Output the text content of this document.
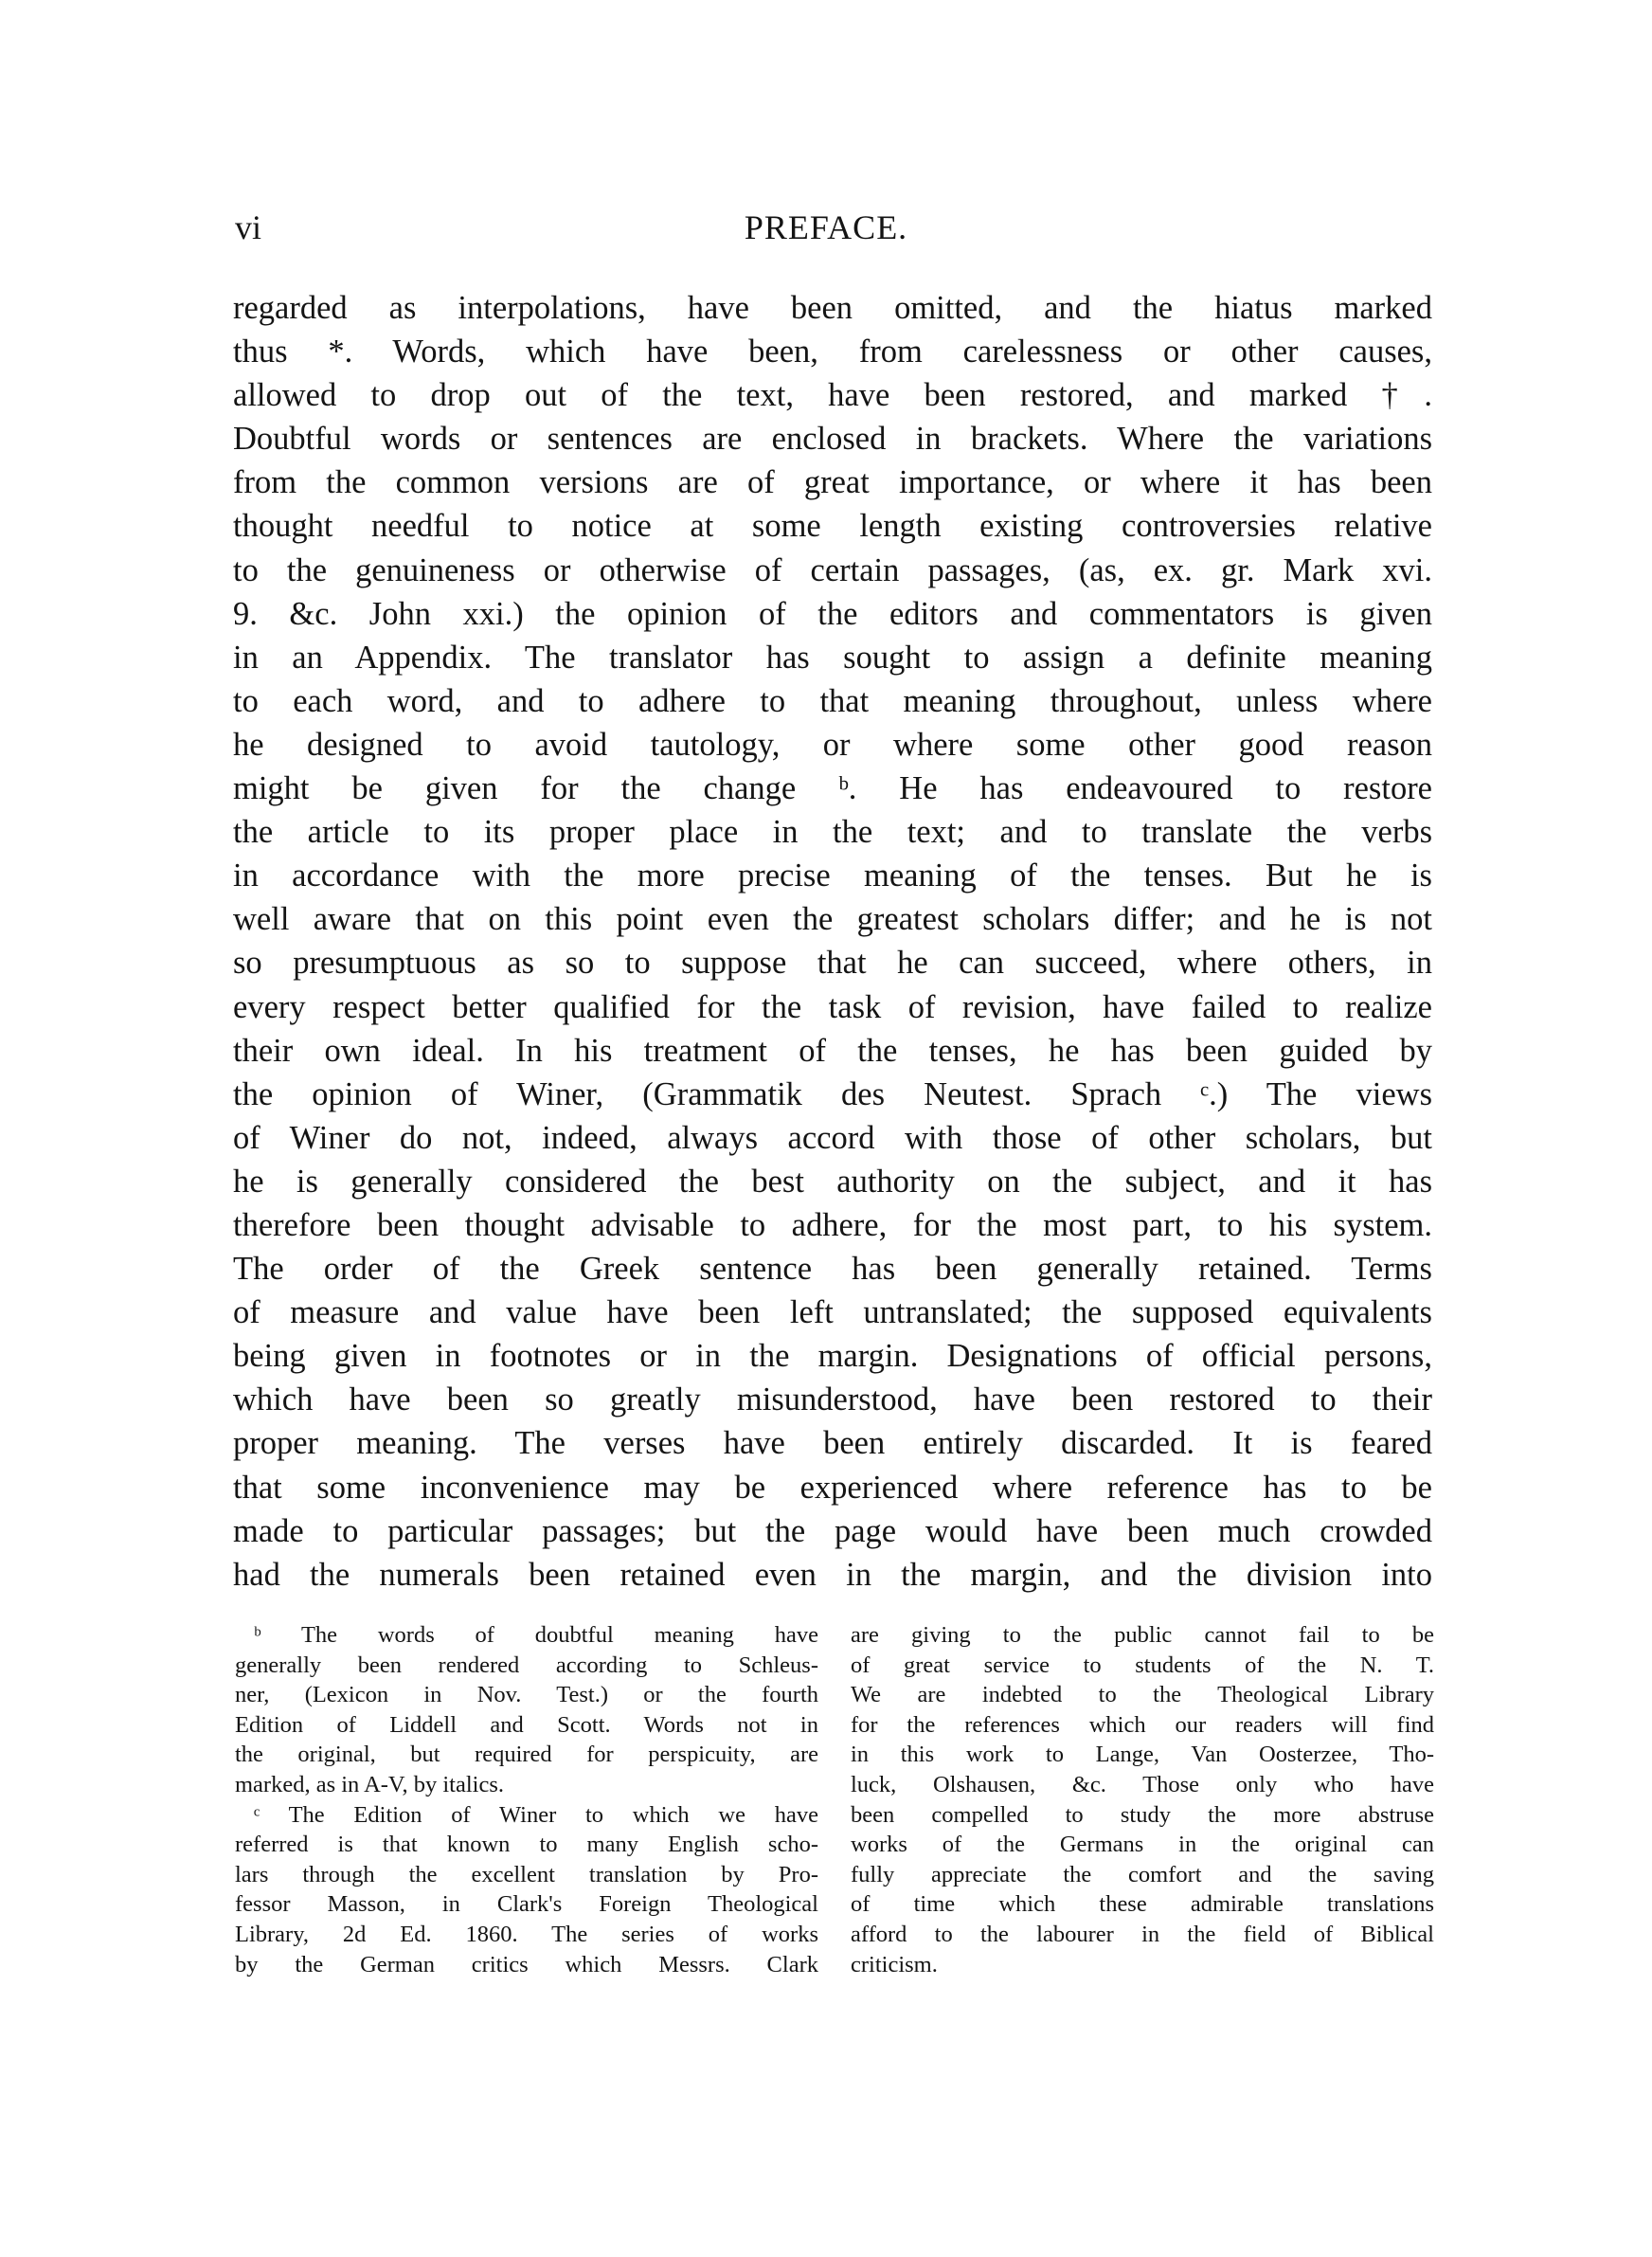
vi	PREFACE.
regarded as interpolations, have been omitted, and the hiatus marked
thus *. Words, which have been, from carelessness or other causes,
allowed to drop out of the text, have been restored, and marked †.
Doubtful words or sentences are enclosed in brackets. Where the variations
from the common versions are of great importance, or where it has been
thought needful to notice at some length existing controversies relative
to the genuineness or otherwise of certain passages, (as, ex. gr. Mark xvi.
9. &c. John xxi.) the opinion of the editors and commentators is given
in an Appendix. The translator has sought to assign a definite meaning
to each word, and to adhere to that meaning throughout, unless where
he designed to avoid tautology, or where some other good reason
might be given for the change ᵇ. He has endeavoured to restore
the article to its proper place in the text; and to translate the verbs
in accordance with the more precise meaning of the tenses. But he is
well aware that on this point even the greatest scholars differ; and he is not
so presumptuous as so to suppose that he can succeed, where others, in
every respect better qualified for the task of revision, have failed to realize
their own ideal. In his treatment of the tenses, he has been guided by
the opinion of Winer, (Grammatik des Neutest. Sprach ᶜ.) The views
of Winer do not, indeed, always accord with those of other scholars, but
he is generally considered the best authority on the subject, and it has
therefore been thought advisable to adhere, for the most part, to his system.
The order of the Greek sentence has been generally retained. Terms
of measure and value have been left untranslated; the supposed equivalents
being given in footnotes or in the margin. Designations of official persons,
which have been so greatly misunderstood, have been restored to their
proper meaning. The verses have been entirely discarded. It is feared
that some inconvenience may be experienced where reference has to be
made to particular passages; but the page would have been much crowded
had the numerals been retained even in the margin, and the division into
ᵇ The words of doubtful meaning have
generally been rendered according to Schleus-
ner, (Lexicon in Nov. Test.) or the fourth
Edition of Liddell and Scott. Words not in
the original, but required for perspicuity, are
marked, as in A-V, by italics.
ᶜ The Edition of Winer to which we have
referred is that known to many English scho-
lars through the excellent translation by Pro-
fessor Masson, in Clark's Foreign Theological
Library, 2d Ed. 1860. The series of works
by the German critics which Messrs. Clark
are giving to the public cannot fail to be
of great service to students of the N. T.
We are indebted to the Theological Library
for the references which our readers will find
in this work to Lange, Van Oosterzee, Tho-
luck, Olshausen, &c. Those only who have
been compelled to study the more abstruse
works of the Germans in the original can
fully appreciate the comfort and the saving
of time which these admirable translations
afford to the labourer in the field of Biblical
criticism.
